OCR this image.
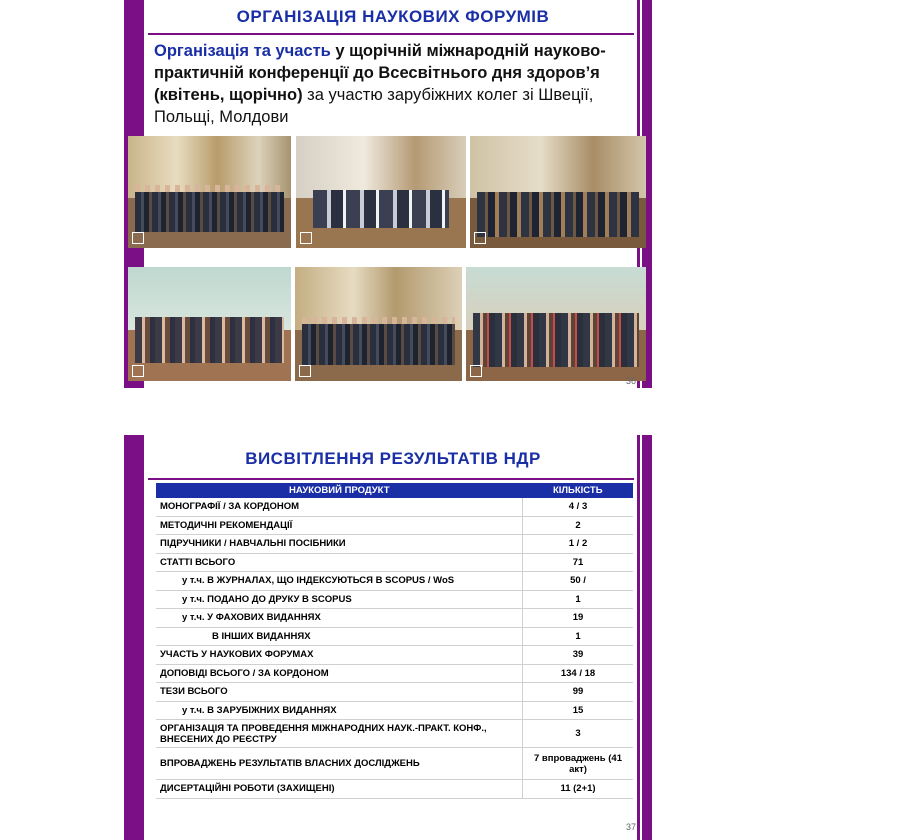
ОРГАНІЗАЦІЯ НАУКОВИХ ФОРУМІВ
Організація та участь у щорічній міжнародній науково-практичній конференції до Всесвітнього дня здоров’я (квітень, щорічно) за участю зарубіжних колег зі Швеції, Польщі, Молдови
36
ВИСВІТЛЕННЯ РЕЗУЛЬТАТІВ НДР
НАУКОВИЙ ПРОДУКТ	КІЛЬКІСТЬ
МОНОГРАФІЇ / ЗА КОРДОНОМ	4 / 3
МЕТОДИЧНІ РЕКОМЕНДАЦІЇ	2
ПІДРУЧНИКИ / НАВЧАЛЬНІ ПОСІБНИКИ	1 / 2
СТАТТІ ВСЬОГО	71
у т.ч. В ЖУРНАЛАХ, ЩО ІНДЕКСУЮТЬСЯ В SCOPUS / WoS	50 /
у т.ч. ПОДАНО ДО ДРУКУ В SCOPUS	1
у т.ч. У ФАХОВИХ ВИДАННЯХ	19
В ІНШИХ ВИДАННЯХ	1
УЧАСТЬ У НАУКОВИХ ФОРУМАХ	39
ДОПОВІДІ ВСЬОГО / ЗА КОРДОНОМ	134 / 18
ТЕЗИ ВСЬОГО	99
у т.ч. В ЗАРУБІЖНИХ ВИДАННЯХ	15
ОРГАНІЗАЦІЯ ТА ПРОВЕДЕННЯ МІЖНАРОДНИХ НАУК.-ПРАКТ. КОНФ., ВНЕСЕНИХ ДО РЕЄСТРУ	3
ВПРОВАДЖЕНЬ РЕЗУЛЬТАТІВ ВЛАСНИХ ДОСЛІДЖЕНЬ	7 впроваджень (41 акт)
ДИСЕРТАЦІЙНІ РОБОТИ (ЗАХИЩЕНІ)	11 (2+1)
37
